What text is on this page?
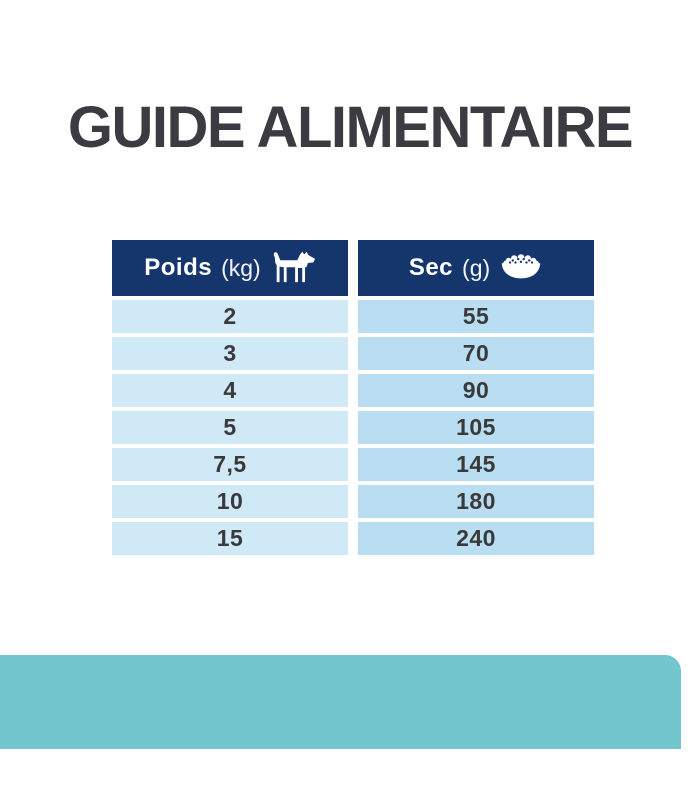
GUIDE ALIMENTAIRE
Poids (kg)
2
3
4
5
7,5
10
15
Sec (g)
55
70
90
105
145
180
240
